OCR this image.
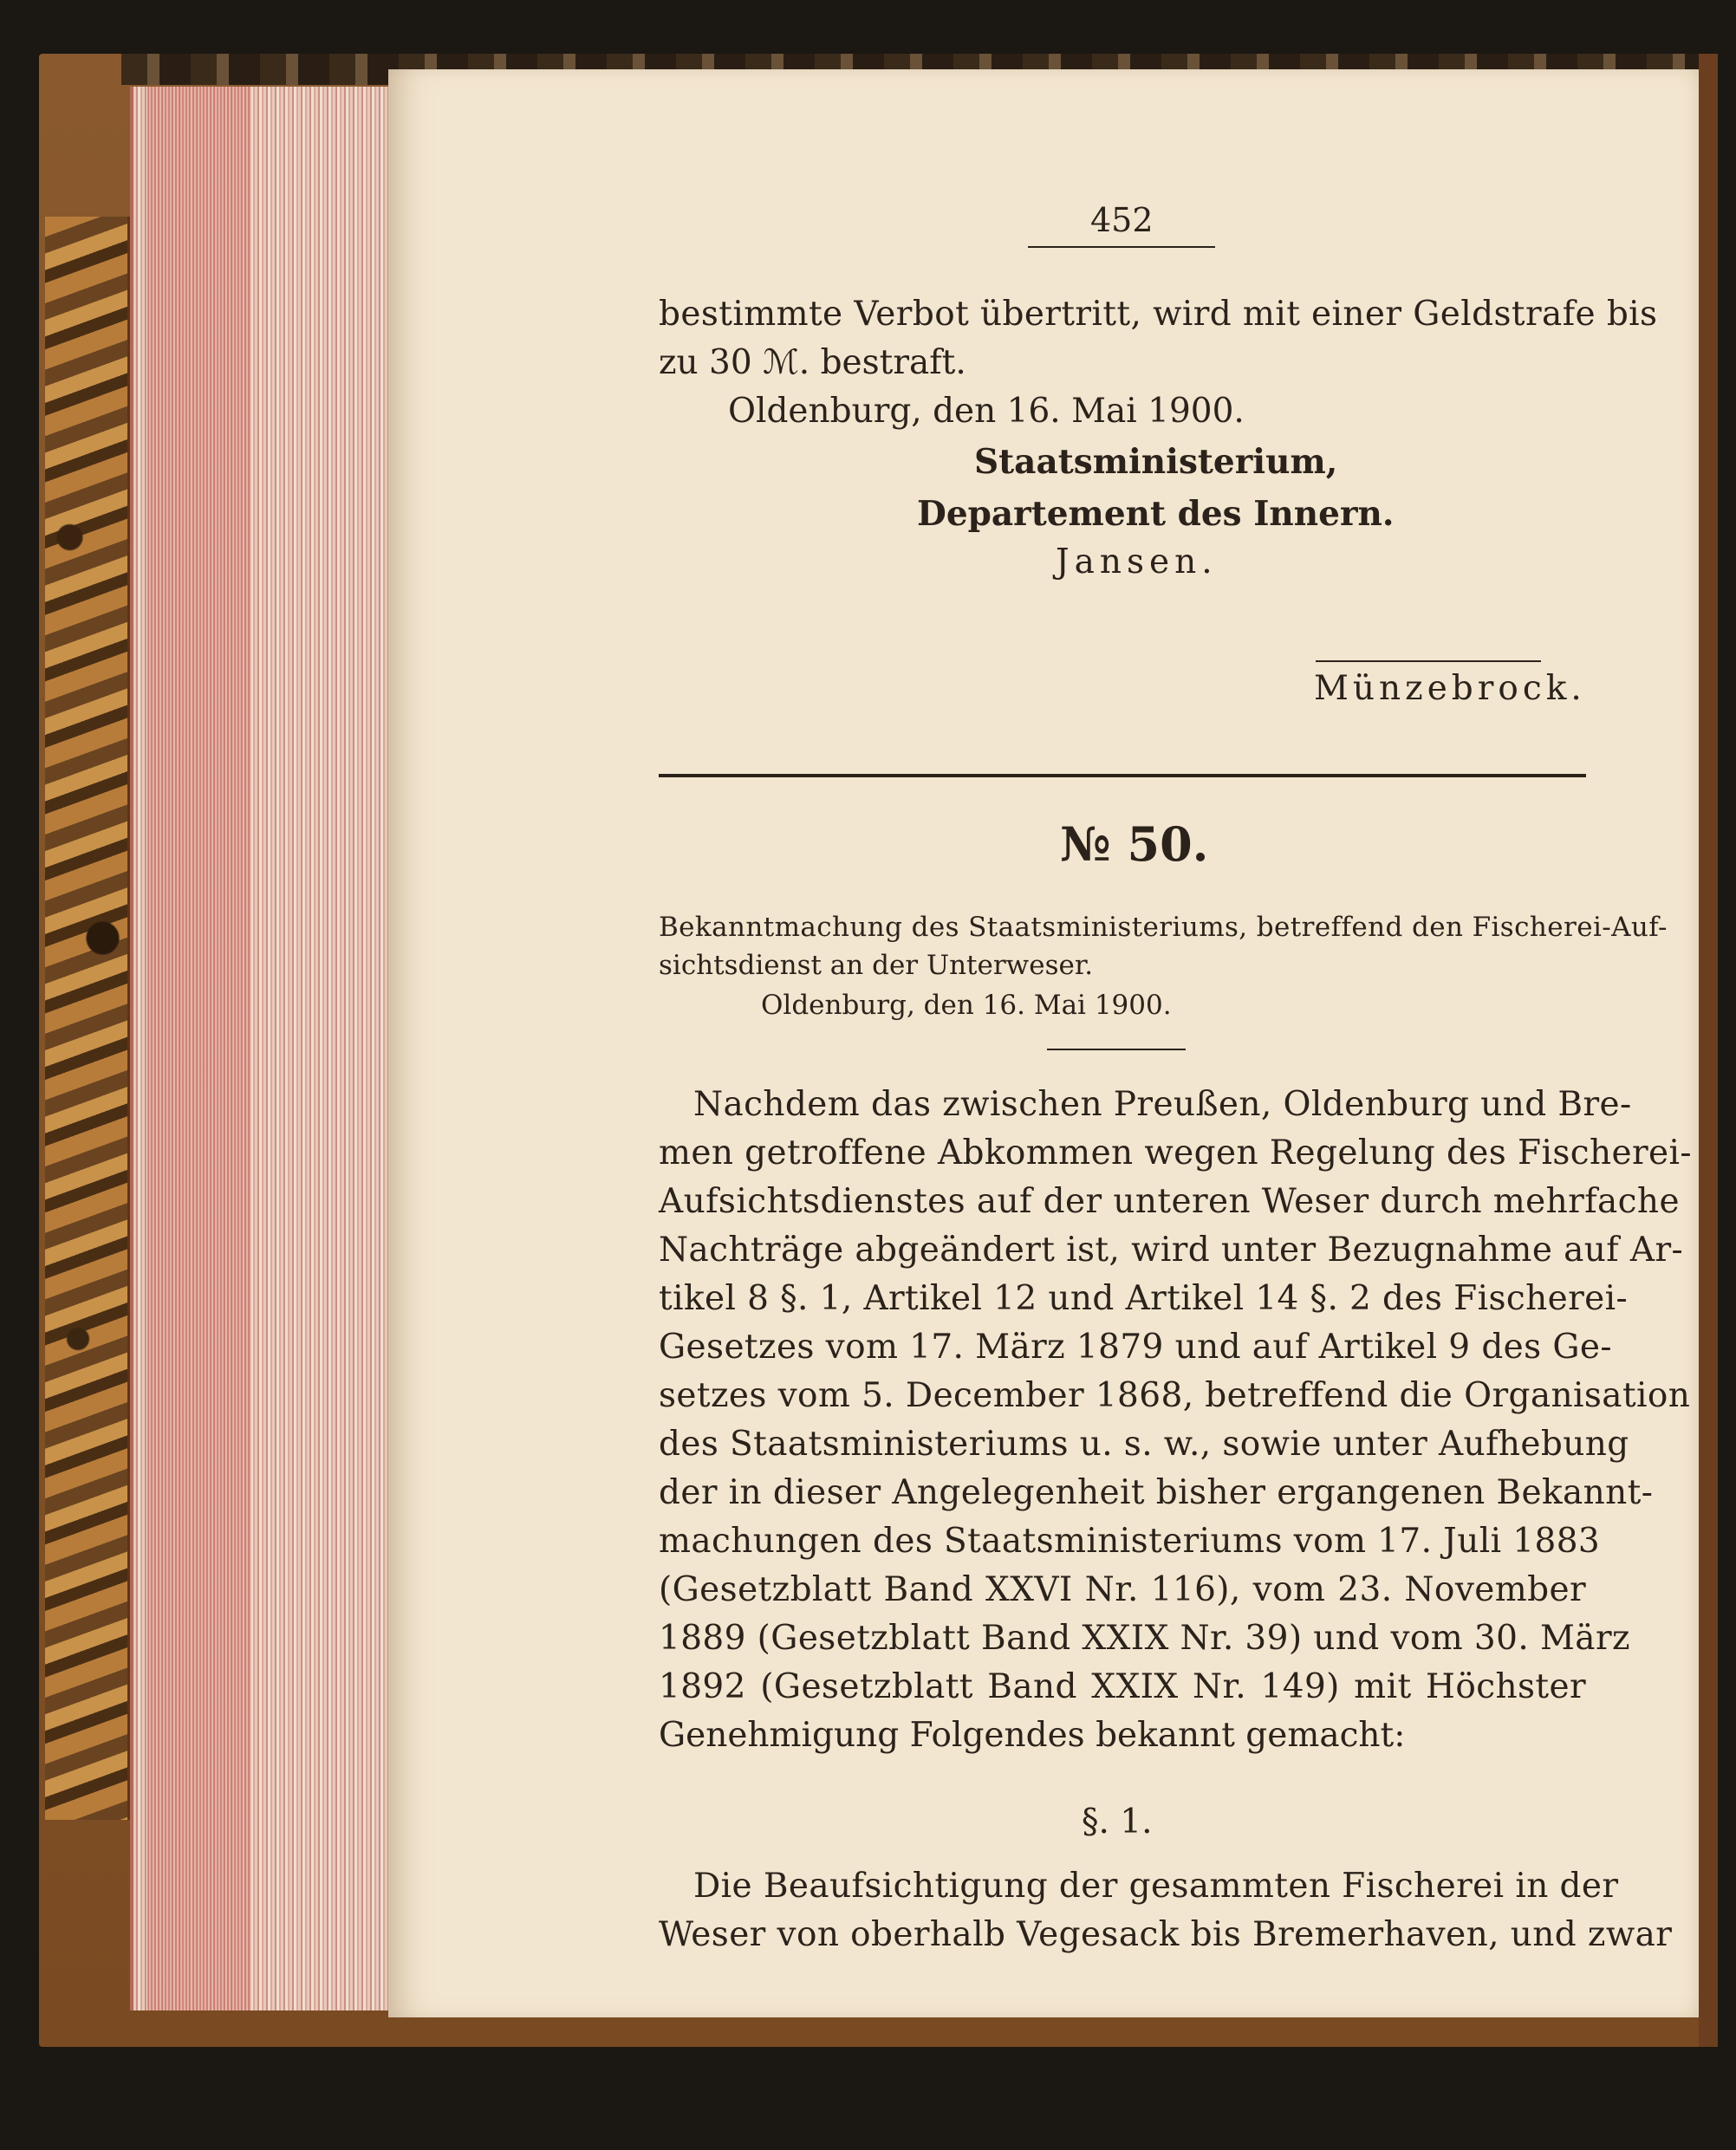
452
bestimmte Verbot übertritt, wird mit einer Geldstrafe bis
zu 30 ℳ. bestraft.
Oldenburg, den 16. Mai 1900.
Staatsministerium,
Departement des Innern.
Jansen.
Münzebrock.
№ 50.
Bekanntmachung des Staatsministeriums, betreffend den Fischerei-Auf-
sichtsdienst an der Unterweser.
Oldenburg, den 16. Mai 1900.
Nachdem das zwischen Preußen, Oldenburg und Bre-
men getroffene Abkommen wegen Regelung des Fischerei-
Aufsichtsdienstes auf der unteren Weser durch mehrfache
Nachträge abgeändert ist, wird unter Bezugnahme auf Ar-
tikel 8 §. 1, Artikel 12 und Artikel 14 §. 2 des Fischerei-
Gesetzes vom 17. März 1879 und auf Artikel 9 des Ge-
setzes vom 5. December 1868, betreffend die Organisation
des Staatsministeriums u. s. w., sowie unter Aufhebung
der in dieser Angelegenheit bisher ergangenen Bekannt-
machungen des Staatsministeriums vom 17. Juli 1883
(Gesetzblatt Band XXVI Nr. 116), vom 23. November
1889 (Gesetzblatt Band XXIX Nr. 39) und vom 30. März
1892 (Gesetzblatt Band XXIX Nr. 149) mit Höchster
Genehmigung Folgendes bekannt gemacht:
§. 1.
Die Beaufsichtigung der gesammten Fischerei in der
Weser von oberhalb Vegesack bis Bremerhaven, und zwar
